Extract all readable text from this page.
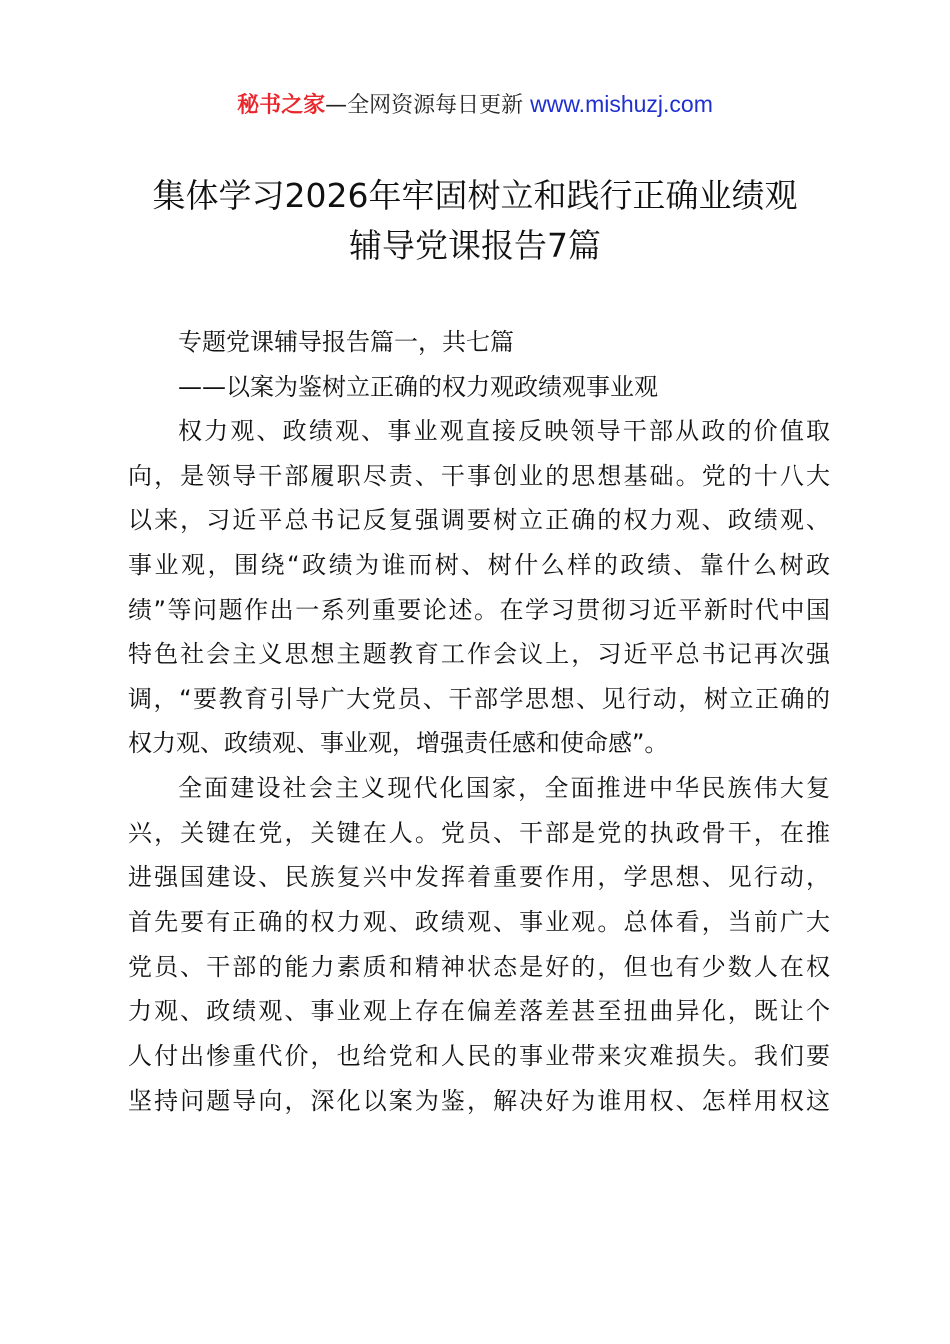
秘书之家—全网资源每日更新 www.mishuzj.com
集体学习2026年牢固树立和践行正确业绩观
辅导党课报告7篇
专题党课辅导报告篇一，共七篇
——以案为鉴树立正确的权力观政绩观事业观
权力观、政绩观、事业观直接反映领导干部从政的价值取
向，是领导干部履职尽责、干事创业的思想基础。党的十八大
以来，习近平总书记反复强调要树立正确的权力观、政绩观、
事业观，围绕“政绩为谁而树、树什么样的政绩、靠什么树政
绩”等问题作出一系列重要论述。在学习贯彻习近平新时代中国
特色社会主义思想主题教育工作会议上，习近平总书记再次强
调，“要教育引导广大党员、干部学思想、见行动，树立正确的
权力观、政绩观、事业观，增强责任感和使命感”。
全面建设社会主义现代化国家，全面推进中华民族伟大复
兴，关键在党，关键在人。党员、干部是党的执政骨干，在推
进强国建设、民族复兴中发挥着重要作用，学思想、见行动，
首先要有正确的权力观、政绩观、事业观。总体看，当前广大
党员、干部的能力素质和精神状态是好的，但也有少数人在权
力观、政绩观、事业观上存在偏差落差甚至扭曲异化，既让个
人付出惨重代价，也给党和人民的事业带来灾难损失。我们要
坚持问题导向，深化以案为鉴，解决好为谁用权、怎样用权这
